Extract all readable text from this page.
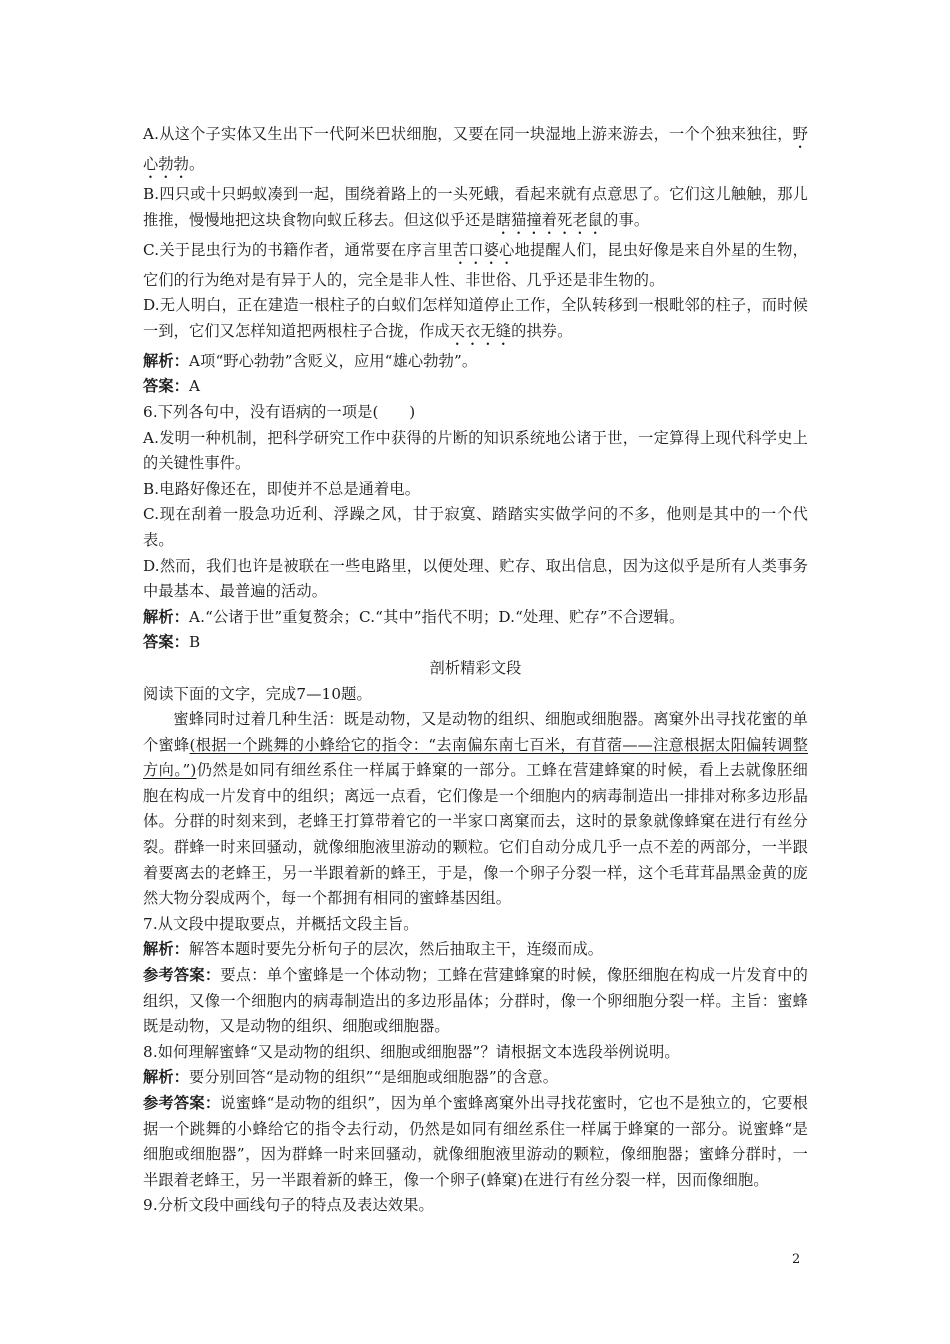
A.从这个子实体又生出下一代阿米巴状细胞，又要在同一块湿地上游来游去，一个个独来独往，野心勃勃。

B.四只或十只蚂蚁凑到一起，围绕着路上的一头死蛾，看起来就有点意思了。它们这儿触触，那儿推推，慢慢地把这块食物向蚁丘移去。但这似乎还是瞎猫撞着死老鼠的事。

C.关于昆虫行为的书籍作者，通常要在序言里苦口婆心地提醒人们，昆虫好像是来自外星的生物，它们的行为绝对是有异于人的，完全是非人性、非世俗、几乎还是非生物的。

D.无人明白，正在建造一根柱子的白蚁们怎样知道停止工作，全队转移到一根毗邻的柱子，而时候一到，它们又怎样知道把两根柱子合拢，作成天衣无缝的拱券。

解析：A项“野心勃勃”含贬义，应用“雄心勃勃”。

答案：A

6.下列各句中，没有语病的一项是(　　)

A.发明一种机制，把科学研究工作中获得的片断的知识系统地公诸于世，一定算得上现代科学史上的关键性事件。

B.电路好像还在，即使并不总是通着电。

C.现在刮着一股急功近利、浮躁之风，甘于寂寞、踏踏实实做学问的不多，他则是其中的一个代表。

D.然而，我们也许是被联在一些电路里，以便处理、贮存、取出信息，因为这似乎是所有人类事务中最基本、最普遍的活动。

解析：A.“公诸于世”重复赘余；C.“其中”指代不明；D.“处理、贮存”不合逻辑。

答案：B

剖析精彩文段

阅读下面的文字，完成7—10题。

蜜蜂同时过着几种生活：既是动物，又是动物的组织、细胞或细胞器。离窠外出寻找花蜜的单个蜜蜂(根据一个跳舞的小蜂给它的指令：“去南偏东南七百米，有苜蓿——注意根据太阳偏转调整方向。”)仍然是如同有细丝系住一样属于蜂窠的一部分。工蜂在营建蜂窠的时候，看上去就像胚细胞在构成一片发育中的组织；离远一点看，它们像是一个细胞内的病毒制造出一排排对称多边形晶体。分群的时刻来到，老蜂王打算带着它的一半家口离窠而去，这时的景象就像蜂窠在进行有丝分裂。群蜂一时来回骚动，就像细胞液里游动的颗粒。它们自动分成几乎一点不差的两部分，一半跟着要离去的老蜂王，另一半跟着新的蜂王，于是，像一个卵子分裂一样，这个毛茸茸晶黑金黄的庞然大物分裂成两个，每一个都拥有相同的蜜蜂基因组。

7.从文段中提取要点，并概括文段主旨。

解析：解答本题时要先分析句子的层次，然后抽取主干，连缀而成。

参考答案：要点：单个蜜蜂是一个体动物；工蜂在营建蜂窠的时候，像胚细胞在构成一片发育中的组织，又像一个细胞内的病毒制造出的多边形晶体；分群时，像一个卵细胞分裂一样。主旨：蜜蜂既是动物，又是动物的组织、细胞或细胞器。

8.如何理解蜜蜂“又是动物的组织、细胞或细胞器”？请根据文本选段举例说明。

解析：要分别回答“是动物的组织”“是细胞或细胞器”的含意。

参考答案：说蜜蜂“是动物的组织”，因为单个蜜蜂离窠外出寻找花蜜时，它也不是独立的，它要根据一个跳舞的小蜂给它的指令去行动，仍然是如同有细丝系住一样属于蜂窠的一部分。说蜜蜂“是细胞或细胞器”，因为群蜂一时来回骚动，就像细胞液里游动的颗粒，像细胞器；蜜蜂分群时，一半跟着老蜂王，另一半跟着新的蜂王，像一个卵子(蜂窠)在进行有丝分裂一样，因而像细胞。

9.分析文段中画线句子的特点及表达效果。

2
